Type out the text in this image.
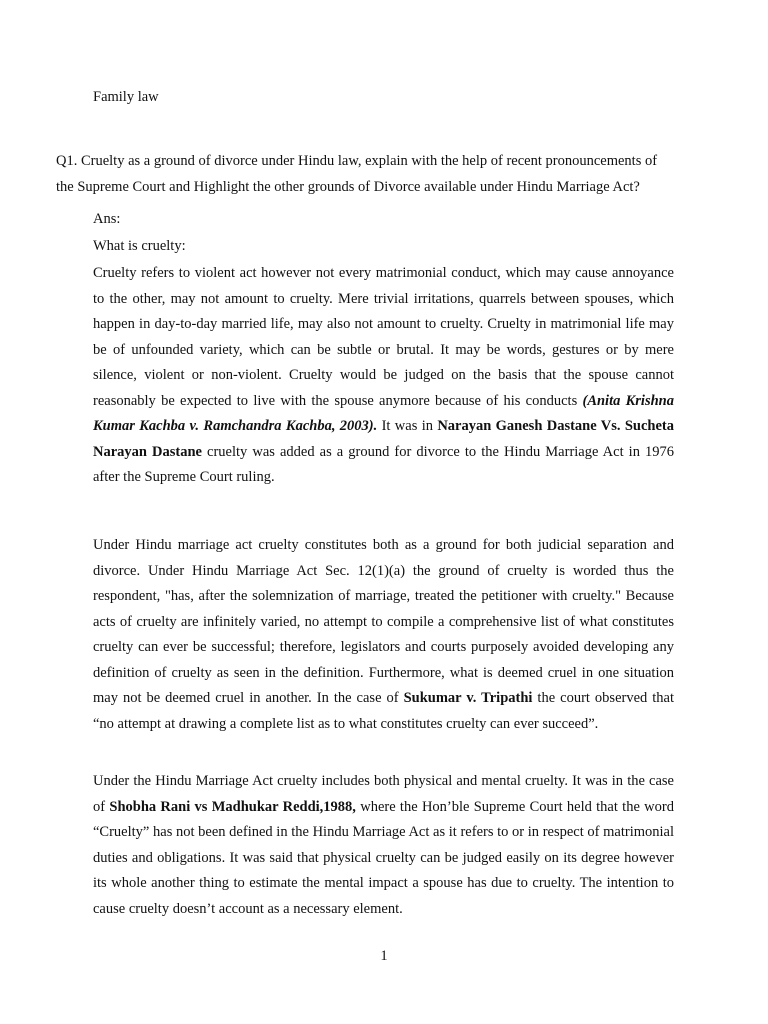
Family law
Q1. Cruelty as a ground of divorce under Hindu law, explain with the help of recent pronouncements of
the Supreme Court and Highlight the other grounds of Divorce available under Hindu Marriage Act?
Ans:
What is cruelty:
Cruelty refers to violent act however not every matrimonial conduct, which may cause annoyance to the other, may not amount to cruelty. Mere trivial irritations, quarrels between spouses, which happen in day-to-day married life, may also not amount to cruelty. Cruelty in matrimonial life may be of unfounded variety, which can be subtle or brutal. It may be words, gestures or by mere silence, violent or non-violent. Cruelty would be judged on the basis that the spouse cannot reasonably be expected to live with the spouse anymore because of his conducts (Anita Krishna Kumar Kachba v. Ramchandra Kachba, 2003). It was in Narayan Ganesh Dastane Vs. Sucheta Narayan Dastane cruelty was added as a ground for divorce to the Hindu Marriage Act in 1976 after the Supreme Court ruling.
Under Hindu marriage act cruelty constitutes both as a ground for both judicial separation and divorce. Under Hindu Marriage Act Sec. 12(1)(a) the ground of cruelty is worded thus the respondent, "has, after the solemnization of marriage, treated the petitioner with cruelty." Because acts of cruelty are infinitely varied, no attempt to compile a comprehensive list of what constitutes cruelty can ever be successful; therefore, legislators and courts purposely avoided developing any definition of cruelty as seen in the definition. Furthermore, what is deemed cruel in one situation may not be deemed cruel in another. In the case of Sukumar v. Tripathi the court observed that “no attempt at drawing a complete list as to what constitutes cruelty can ever succeed”.
Under the Hindu Marriage Act cruelty includes both physical and mental cruelty. It was in the case of Shobha Rani vs Madhukar Reddi,1988, where the Hon’ble Supreme Court held that the word “Cruelty” has not been defined in the Hindu Marriage Act as it refers to or in respect of matrimonial duties and obligations. It was said that physical cruelty can be judged easily on its degree however its whole another thing to estimate the mental impact a spouse has due to cruelty. The intention to cause cruelty doesn’t account as a necessary element.
1
